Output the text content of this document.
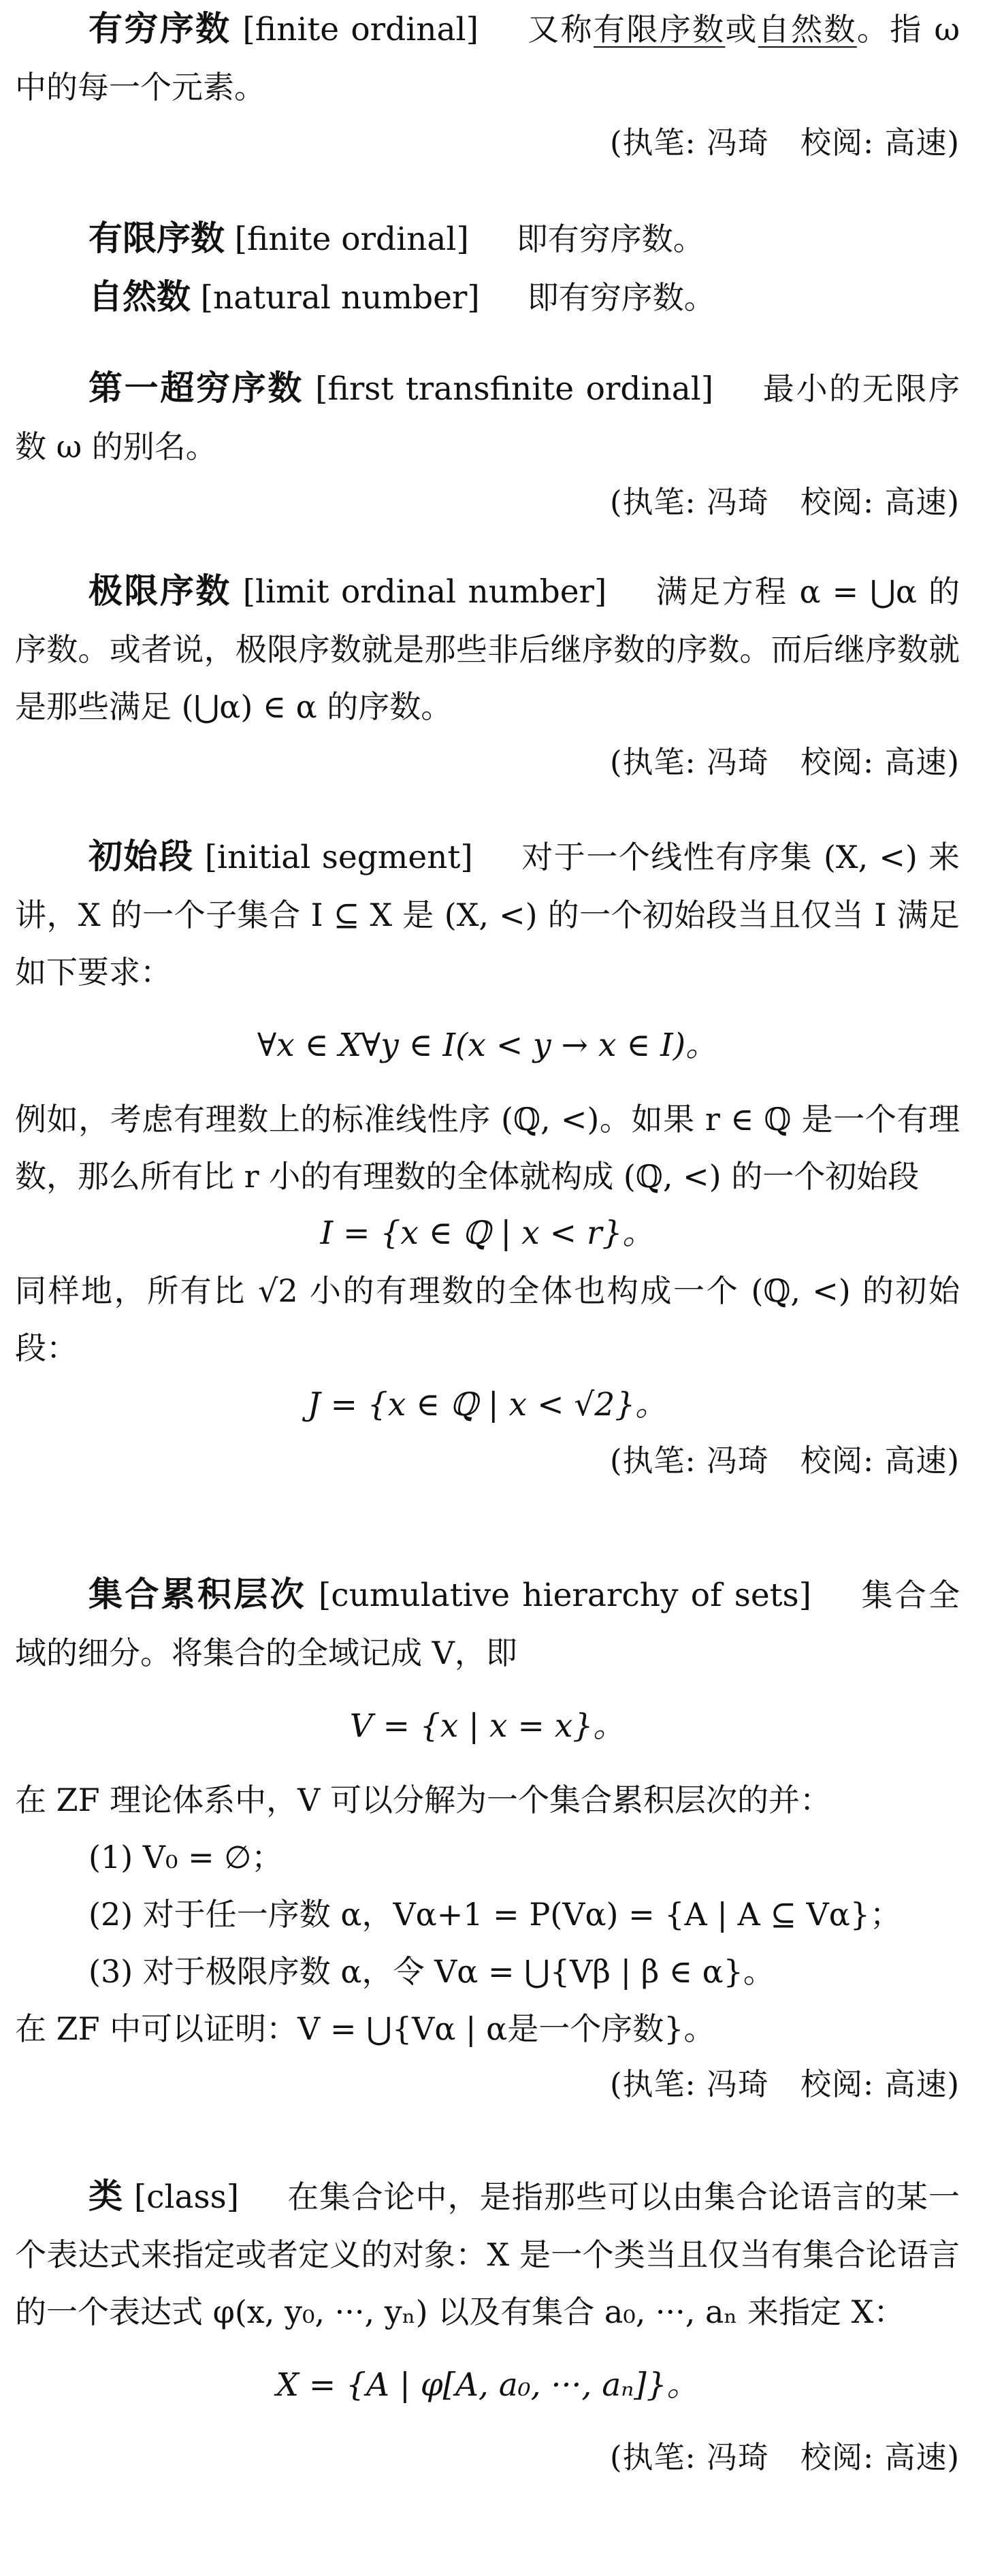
有穷序数 [finite ordinal] 又称有限序数或自然数。指 ω 中的每一个元素。

(执笔: 冯琦　校阅: 高速)

有限序数 [finite ordinal] 即有穷序数。

自然数 [natural number] 即有穷序数。

第一超穷序数 [first transfinite ordinal] 最小的无限序数 ω 的别名。

(执笔: 冯琦　校阅: 高速)

极限序数 [limit ordinal number] 满足方程 α = ⋃α 的序数。或者说，极限序数就是那些非后继序数的序数。而后继序数就是那些满足 (⋃α) ∈ α 的序数。

(执笔: 冯琦　校阅: 高速)

初始段 [initial segment] 对于一个线性有序集 (X, <) 来讲，X 的一个子集合 I ⊆ X 是 (X, <) 的一个初始段当且仅当 I 满足如下要求：

∀x ∈ X∀y ∈ I(x < y → x ∈ I)。

例如，考虑有理数上的标准线性序 (ℚ, <)。如果 r ∈ ℚ 是一个有理数，那么所有比 r 小的有理数的全体就构成 (ℚ, <) 的一个初始段

I = {x ∈ ℚ | x < r}。

同样地，所有比 √2 小的有理数的全体也构成一个 (ℚ, <) 的初始段：

J = {x ∈ ℚ | x < √2}。

(执笔: 冯琦　校阅: 高速)

集合累积层次 [cumulative hierarchy of sets] 集合全域的细分。将集合的全域记成 V，即

V = {x | x = x}。

在 ZF 理论体系中，V 可以分解为一个集合累积层次的并：

(1) V₀ = ∅；

(2) 对于任一序数 α，Vα+1 = P(Vα) = {A | A ⊆ Vα}；

(3) 对于极限序数 α，令 Vα = ⋃{Vβ | β ∈ α}。

在 ZF 中可以证明：V = ⋃{Vα | α是一个序数}。

(执笔: 冯琦　校阅: 高速)

类 [class] 在集合论中，是指那些可以由集合论语言的某一个表达式来指定或者定义的对象：X 是一个类当且仅当有集合论语言的一个表达式 φ(x, y₀, ···, yₙ) 以及有集合 a₀, ···, aₙ 来指定 X：

X = {A | φ[A, a₀, ···, aₙ]}。

(执笔: 冯琦　校阅: 高速)
